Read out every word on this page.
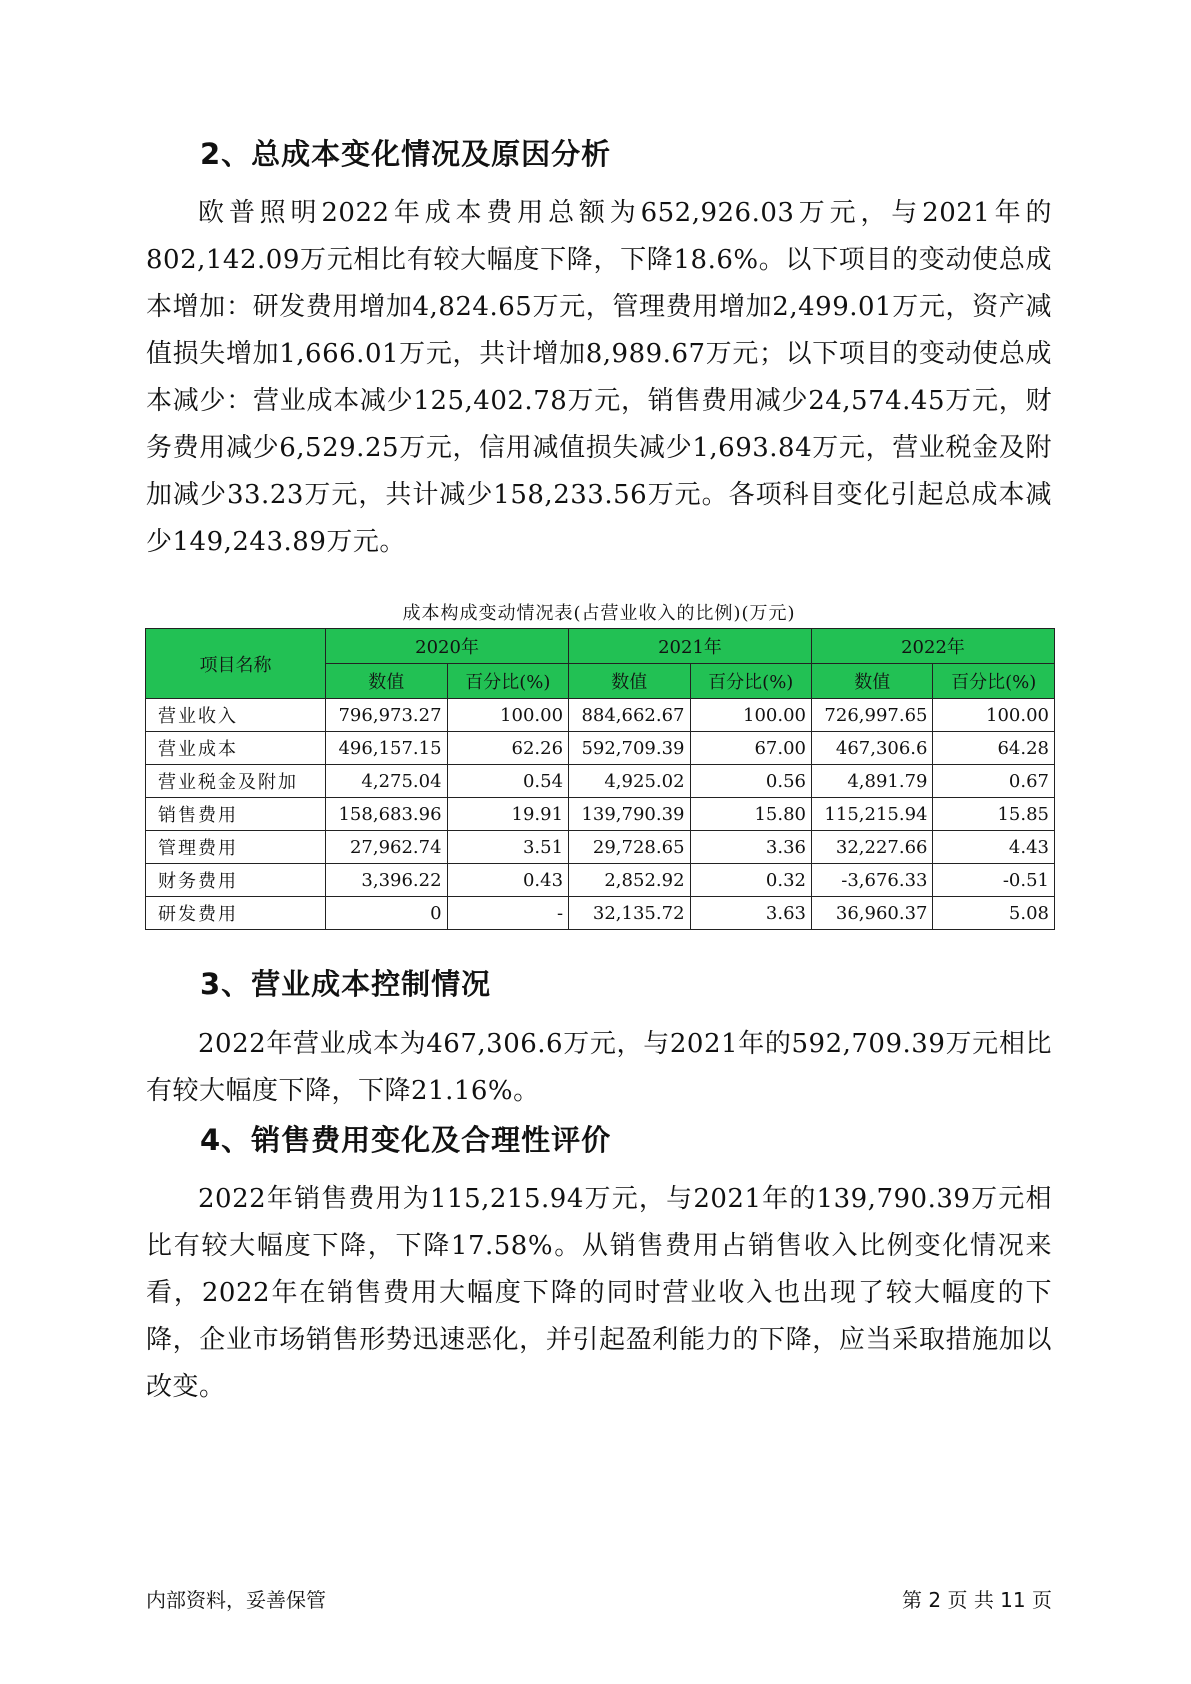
2、总成本变化情况及原因分析

欧普照明2022年成本费用总额为652,926.03万元，与2021年的802,142.09万元相比有较大幅度下降，下降18.6%。以下项目的变动使总成本增加：研发费用增加4,824.65万元，管理费用增加2,499.01万元，资产减值损失增加1,666.01万元，共计增加8,989.67万元；以下项目的变动使总成本减少：营业成本减少125,402.78万元，销售费用减少24,574.45万元，财务费用减少6,529.25万元，信用减值损失减少1,693.84万元，营业税金及附加减少33.23万元，共计减少158,233.56万元。各项科目变化引起总成本减少149,243.89万元。

成本构成变动情况表(占营业收入的比例)(万元)
项目名称	2020年		2021年		2022年	
	数值	百分比(%)	数值	百分比(%)	数值	百分比(%)
营业收入	796,973.27	100.00	884,662.67	100.00	726,997.65	100.00
营业成本	496,157.15	62.26	592,709.39	67.00	467,306.6	64.28
营业税金及附加	4,275.04	0.54	4,925.02	0.56	4,891.79	0.67
销售费用	158,683.96	19.91	139,790.39	15.80	115,215.94	15.85
管理费用	27,962.74	3.51	29,728.65	3.36	32,227.66	4.43
财务费用	3,396.22	0.43	2,852.92	0.32	-3,676.33	-0.51
研发费用	0	-	32,135.72	3.63	36,960.37	5.08
3、营业成本控制情况

2022年营业成本为467,306.6万元，与2021年的592,709.39万元相比有较大幅度下降，下降21.16%。

4、销售费用变化及合理性评价

2022年销售费用为115,215.94万元，与2021年的139,790.39万元相比有较大幅度下降，下降17.58%。从销售费用占销售收入比例变化情况来看，2022年在销售费用大幅度下降的同时营业收入也出现了较大幅度的下降，企业市场销售形势迅速恶化，并引起盈利能力的下降，应当采取措施加以改变。

内部资料，妥善保管	第 2 页 共 11 页
